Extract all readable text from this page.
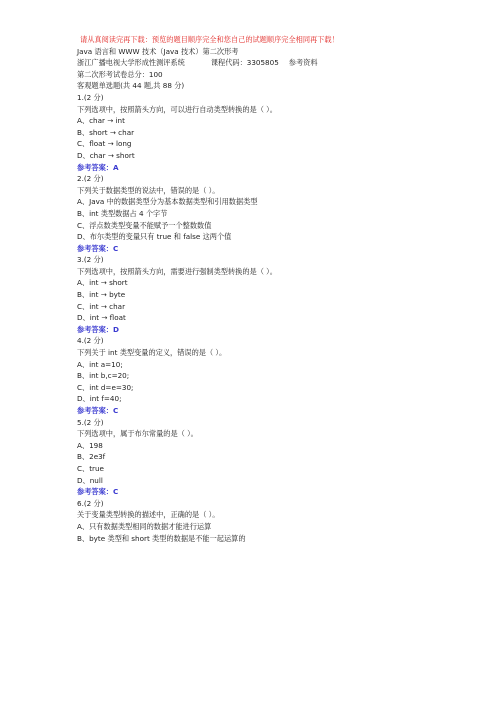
请从真阅读完再下载：预览的题目顺序完全和您自己的试题顺序完全相同再下载！
Java 语言和 WWW 技术（Java 技术）第二次形考
浙江广播电视大学形成性测评系统	课程代码：3305805 参考资料
第二次形考试卷总分：100
客观题单选题(共 44 题,共 88 分)
1.(2 分)
下列选项中，按照箭头方向，可以进行自动类型转换的是（ ）。
A、char → int
B、short → char
C、float → long
D、char → short
参考答案：A
2.(2 分)
下列关于数据类型的说法中，错误的是（ ）。
A、Java 中的数据类型分为基本数据类型和引用数据类型
B、int 类型数据占 4 个字节
C、浮点数类型变量不能赋予一个整数数值
D、布尔类型的变量只有 true 和 false 这两个值
参考答案：C
3.(2 分)
下列选项中，按照箭头方向，需要进行强制类型转换的是（ ）。
A、int → short
B、int → byte
C、int → char
D、int → float
参考答案：D
4.(2 分)
下列关于 int 类型变量的定义，错误的是（ ）。
A、int a=10;
B、int b,c=20;
C、int d=e=30;
D、int f=40;
参考答案：C
5.(2 分)
下列选项中，属于布尔常量的是（ ）。
A、198
B、2e3f
C、true
D、null
参考答案：C
6.(2 分)
关于变量类型转换的描述中，正确的是（ ）。
A、只有数据类型相同的数据才能进行运算
B、byte 类型和 short 类型的数据是不能一起运算的
